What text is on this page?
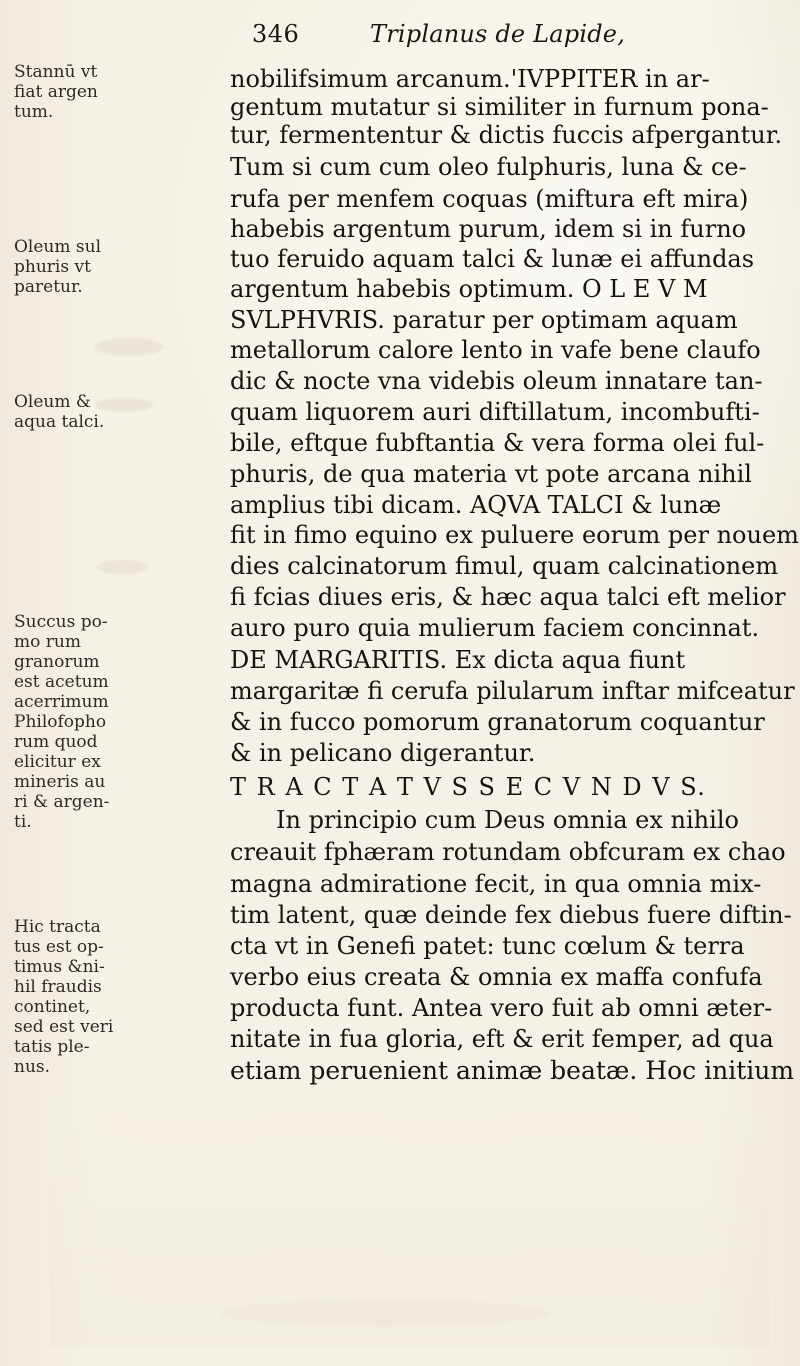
346	Triplanus de Lapide,
Stannū vt
fiat argen
tum.
Oleum sul
phuris vt
paretur.
Oleum &
aqua talci.
Succus po-
mo rum
granorum
est acetum
acerrimum
Philofopho
rum quod
elicitur ex
mineris au
ri & argen-
ti.
Hic tracta
tus est op-
timus &ni-
hil fraudis
continet,
sed est veri
tatis ple-
nus.
nobilifsimum arcanum.'IVPPITER in ar-
gentum mutatur si similiter in furnum pona-
tur, fermententur & dictis fuccis afpergantur.
Tum si cum cum oleo fulphuris, luna & ce-
rufa per menfem coquas (miftura eft mira)
habebis argentum purum, idem si in furno
tuo feruido aquam talci & lunæ ei affundas
argentum habebis optimum. O L E V M
SVLPHVRIS. paratur per optimam aquam
metallorum calore lento in vafe bene claufo
dic & nocte vna videbis oleum innatare tan-
quam liquorem auri diftillatum, incombufti-
bile, eftque fubftantia & vera forma olei ful-
phuris, de qua materia vt pote arcana nihil
amplius tibi dicam. AQVA TALCI & lunæ
fit in fimo equino ex puluere eorum per nouem
dies calcinatorum fimul, quam calcinationem
fi fcias diues eris, & hæc aqua talci eft melior
auro puro quia mulierum faciem concinnat.
DE MARGARITIS. Ex dicta aqua fiunt
margaritæ fi cerufa pilularum inftar mifceatur
& in fucco pomorum granatorum coquantur
& in pelicano digerantur.
T R A C T A T V S S E C V N D V S.
In principio cum Deus omnia ex nihilo
creauit fphæram rotundam obfcuram ex chao
magna admiratione fecit, in qua omnia mix-
tim latent, quæ deinde fex diebus fuere diftin-
cta vt in Genefi patet: tunc cœlum & terra
verbo eius creata & omnia ex maffa confufa
producta funt. Antea vero fuit ab omni æter-
nitate in fua gloria, eft & erit femper, ad qua
etiam peruenient animæ beatæ. Hoc initium
